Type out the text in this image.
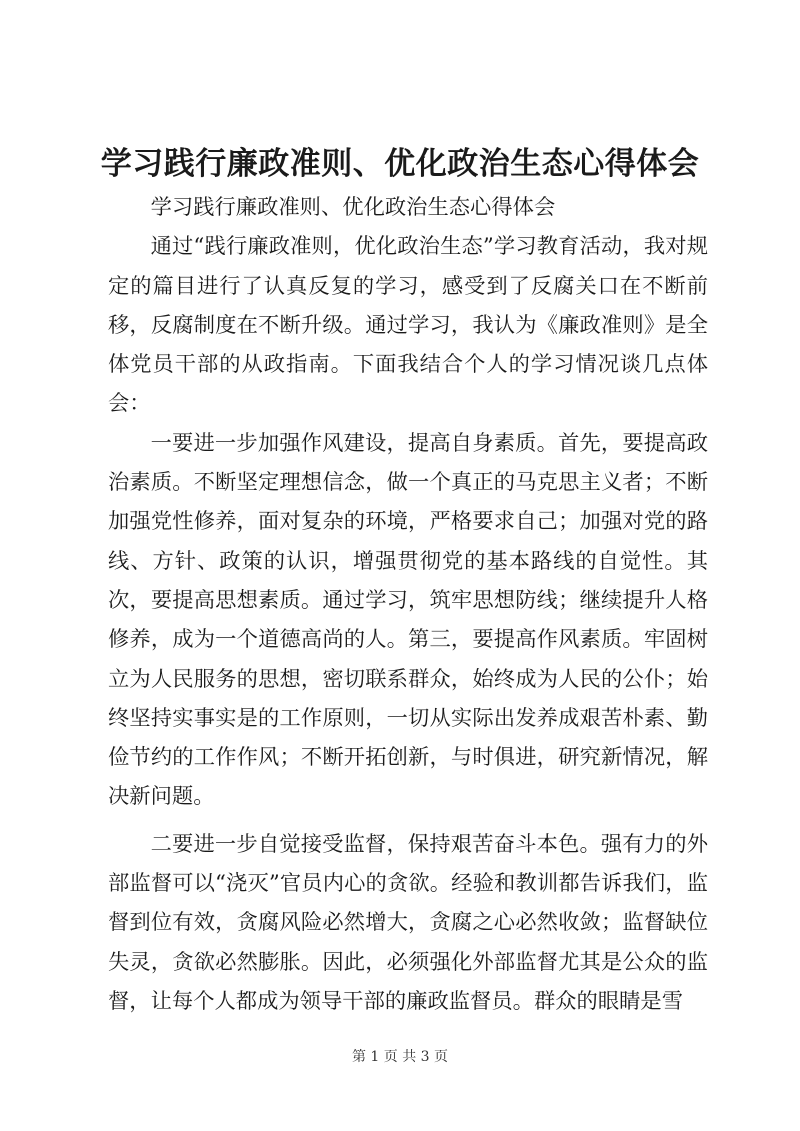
学习践行廉政准则、优化政治生态心得体会

学习践行廉政准则、优化政治生态心得体会

通过“践行廉政准则，优化政治生态”学习教育活动，我对规定的篇目进行了认真反复的学习，感受到了反腐关口在不断前移，反腐制度在不断升级。通过学习，我认为《廉政准则》是全体党员干部的从政指南。下面我结合个人的学习情况谈几点体会：

一要进一步加强作风建设，提高自身素质。首先，要提高政治素质。不断坚定理想信念，做一个真正的马克思主义者；不断加强党性修养，面对复杂的环境，严格要求自己；加强对党的路线、方针、政策的认识，增强贯彻党的基本路线的自觉性。其次，要提高思想素质。通过学习，筑牢思想防线；继续提升人格修养，成为一个道德高尚的人。第三，要提高作风素质。牢固树立为人民服务的思想，密切联系群众，始终成为人民的公仆；始终坚持实事实是的工作原则，一切从实际出发养成艰苦朴素、勤俭节约的工作作风；不断开拓创新，与时俱进，研究新情况，解决新问题。

二要进一步自觉接受监督，保持艰苦奋斗本色。强有力的外部监督可以“浇灭”官员内心的贪欲。经验和教训都告诉我们，监督到位有效，贪腐风险必然增大，贪腐之心必然收敛；监督缺位失灵，贪欲必然膨胀。因此，必须强化外部监督尤其是公众的监督，让每个人都成为领导干部的廉政监督员。群众的眼睛是雪

第 1 页 共 3 页
